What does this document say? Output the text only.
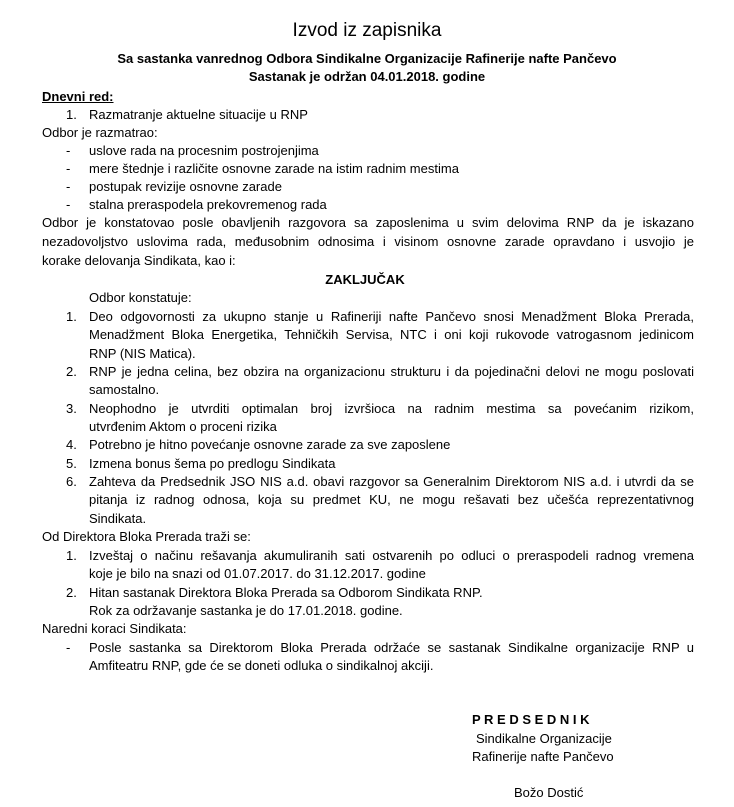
Izvod iz zapisnika
Sa sastanka vanrednog Odbora Sindikalne Organizacije Rafinerije nafte Pančevo
Sastanak je održan 04.01.2018. godine
Dnevni red:
1. Razmatranje aktuelne situacije u RNP
Odbor je razmatrao:
- uslove rada na procesnim postrojenjima
- mere štednje i različite osnovne zarade na istim radnim mestima
- postupak revizije osnovne zarade
- stalna preraspodela prekovremenog rada
Odbor je konstatovao posle obavljenih razgovora sa zaposlenima u svim delovima RNP da je iskazano
nezadovoljstvo uslovima rada, međusobnim odnosima i visinom osnovne zarade opravdano i usvojio je
korake delovanja Sindikata, kao i:
ZAKLJUČAK
Odbor konstatuje:
1. Deo odgovornosti za ukupno stanje u Rafineriji nafte Pančevo snosi Menadžment Bloka Prerada,
Menadžment Bloka Energetika, Tehničkih Servisa, NTC i oni koji rukovode vatrogasnom jedinicom
RNP (NIS Matica).
2. RNP je jedna celina, bez obzira na organizacionu strukturu i da pojedinačni delovi ne mogu poslovati
samostalno.
3. Neophodno je utvrditi optimalan broj izvršioca na radnim mestima sa povećanim rizikom,
utvrđenim Aktom o proceni rizika
4. Potrebno je hitno povećanje osnovne zarade za sve zaposlene
5. Izmena bonus šema po predlogu Sindikata
6. Zahteva da Predsednik JSO NIS a.d. obavi razgovor sa Generalnim Direktorom NIS a.d. i utvrdi da se
pitanja iz radnog odnosa, koja su predmet KU, ne mogu rešavati bez učešća reprezentativnog
Sindikata.
Od Direktora Bloka Prerada traži se:
1. Izveštaj o načinu rešavanja akumuliranih sati ostvarenih po odluci o preraspodeli radnog vremena
koje je bilo na snazi od 01.07.2017. do 31.12.2017. godine
2. Hitan sastanak Direktora Bloka Prerada sa Odborom Sindikata RNP.
Rok za održavanje sastanka je do 17.01.2018. godine.
Naredni koraci Sindikata:
- Posle sastanka sa Direktorom Bloka Prerada održaće se sastanak Sindikalne organizacije RNP u
Amfiteatru RNP, gde će se doneti odluka o sindikalnoj akciji.
P R E D S E D N I K
Sindikalne Organizacije
Rafinerije nafte Pančevo
Božo Dostić
